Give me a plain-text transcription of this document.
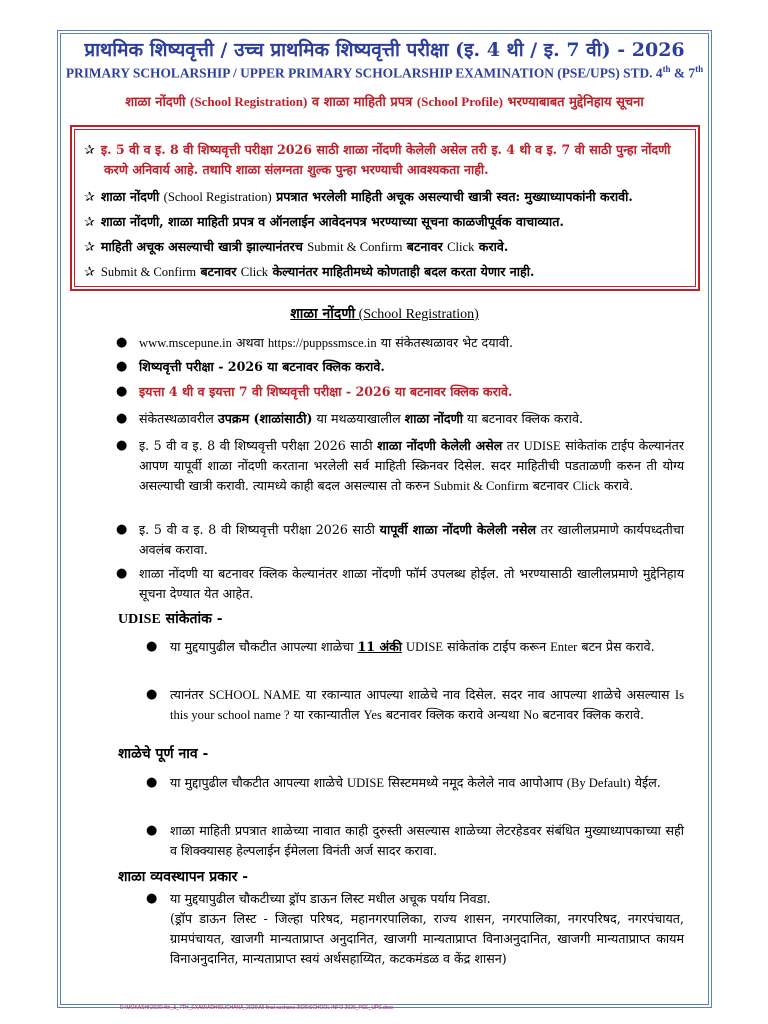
प्राथमिक शिष्यवृत्ती / उच्च प्राथमिक शिष्यवृत्ती परीक्षा (इ. 4 थी / इ. 7 वी) - 2026
PRIMARY SCHOLARSHIP / UPPER PRIMARY SCHOLARSHIP EXAMINATION (PSE/UPS) STD. 4th & 7th
शाळा नोंदणी (School Registration) व शाळा माहिती प्रपत्र (School Profile) भरण्याबाबत मुद्देनिहाय सूचना
✰ इ. 5 वी व इ. 8 वी शिष्यवृत्ती परीक्षा 2026 साठी शाळा नोंदणी केलेली असेल तरी इ. 4 थी व इ. 7 वी साठी पुन्हा नोंदणी
करणे अनिवार्य आहे. तथापि शाळा संलग्नता शुल्क पुन्हा भरण्याची आवश्यकता नाही.
✰ शाळा नोंदणी (School Registration) प्रपत्रात भरलेली माहिती अचूक असल्याची खात्री स्वत: मुख्याध्यापकांनी करावी.
✰ शाळा नोंदणी, शाळा माहिती प्रपत्र व ऑनलाईन आवेदनपत्र भरण्याच्या सूचना काळजीपूर्वक वाचाव्यात.
✰ माहिती अचूक असल्याची खात्री झाल्यानंतरच Submit & Confirm बटनावर Click करावे.
✰ Submit & Confirm बटनावर Click केल्यानंतर माहितीमध्ये कोणताही बदल करता येणार नाही.
शाळा नोंदणी (School Registration)
● www.mscepune.in अथवा https://puppssmsce.in या संकेतस्थळावर भेट दयावी.
● शिष्यवृत्ती परीक्षा - 2026 या बटनावर क्लिक करावे.
● इयत्ता 4 थी व इयत्ता 7 वी शिष्यवृत्ती परीक्षा - 2026 या बटनावर क्लिक करावे.
● संकेतस्थळावरील उपक्रम (शाळांसाठी) या मथळयाखालील शाळा नोंदणी या बटनावर क्लिक करावे.
● इ. 5 वी व इ. 8 वी शिष्यवृत्ती परीक्षा 2026 साठी शाळा नोंदणी केलेली असेल तर UDISE सांकेतांक टाईप केल्यानंतर आपण यापूर्वी शाळा नोंदणी करताना भरलेली सर्व माहिती स्क्रिनवर दिसेल. सदर माहितीची पडताळणी करुन ती योग्य असल्याची खात्री करावी. त्यामध्ये काही बदल असल्यास तो करुन Submit & Confirm बटनावर Click करावे.
● इ. 5 वी व इ. 8 वी शिष्यवृत्ती परीक्षा 2026 साठी यापूर्वी शाळा नोंदणी केलेली नसेल तर खालीलप्रमाणे कार्यपध्दतीचा अवलंब करावा.
● शाळा नोंदणी या बटनावर क्लिक केल्यानंतर शाळा नोंदणी फॉर्म उपलब्ध होईल. तो भरण्यासाठी खालीलप्रमाणे मुद्देनिहाय सूचना देण्यात येत आहेत.
UDISE सांकेतांक -
● या मुद्दयापुढील चौकटीत आपल्या शाळेचा 11 अंकी UDISE सांकेतांक टाईप करून Enter बटन प्रेस करावे.
● त्यानंतर SCHOOL NAME या रकान्यात आपल्या शाळेचे नाव दिसेल. सदर नाव आपल्या शाळेचे असल्यास Is this your school name ? या रकान्यातील Yes बटनावर क्लिक करावे अन्यथा No बटनावर क्लिक करावे.
शाळेचे पूर्ण नाव -
● या मुद्दापुढील चौकटीत आपल्या शाळेचे UDISE सिस्टममध्ये नमूद केलेले नाव आपोआप (By Default) येईल.
● शाळा माहिती प्रपत्रात शाळेच्या नावात काही दुरुस्ती असल्यास शाळेच्या लेटरहेडवर संबंधित मुख्याध्यापकाच्या सही व शिक्क्यासह हेल्पलाईन ईमेलला विनंती अर्ज सादर करावा.
शाळा व्यवस्थापन प्रकार -
● या मुद्दयापुढील चौकटीच्या ड्रॉप डाऊन लिस्ट मधील अचूक पर्याय निवडा.
(ड्रॉप डाऊन लिस्ट - जिल्हा परिषद, महानगरपालिका, राज्य शासन, नगरपालिका, नगरपरिषद, नगरपंचायत, ग्रामपंचायत, खाजगी मान्यताप्राप्त अनुदानित, खाजगी मान्यताप्राप्त विनाअनुदानित, खाजगी मान्यताप्राप्त कायम विनाअनुदानित, मान्यताप्राप्त स्वयं अर्थसहाय्यित, कटकमंडळ व केंद्र शासन)
D:\MOKASHI\2026\4th_&_7TH_EXAM\ADHISUCHANA_2026\All final suchana 2026\SCHOOL INFO 2026_PSE_UPS.docx
